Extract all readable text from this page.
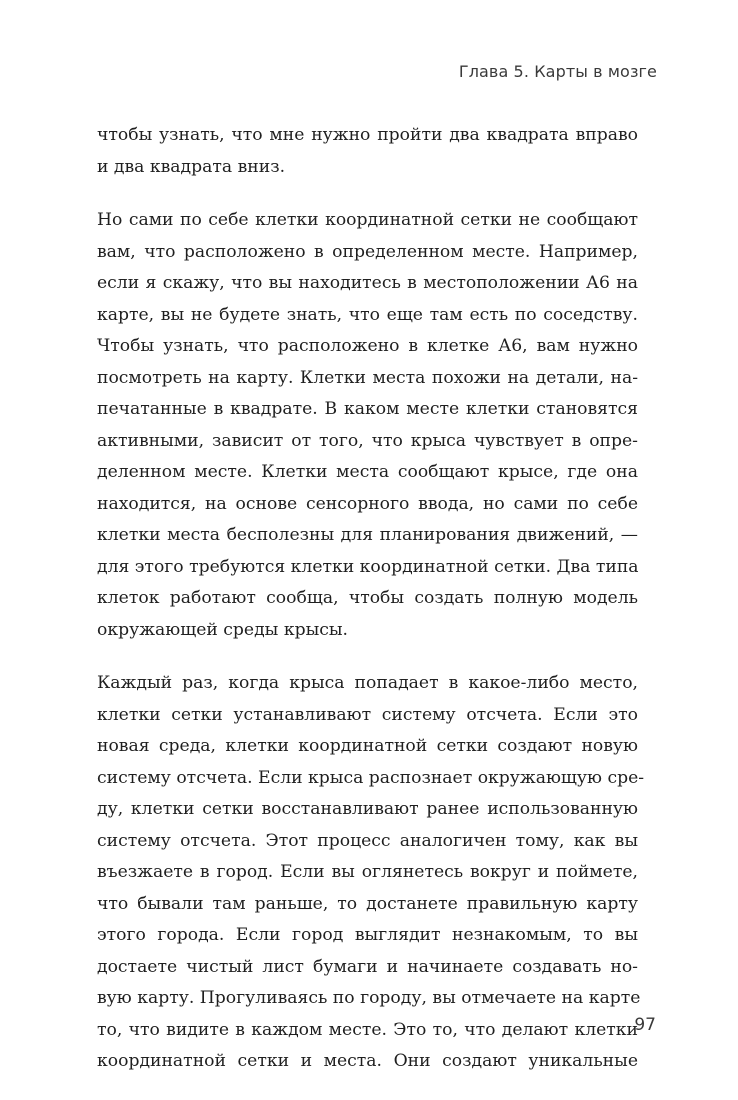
Глава 5. Карты в мозге

чтобы узнать, что мне нужно пройти два квадрата вправо
и два квадрата вниз.

Но сами по себе клетки координатной сетки не сообщают
вам, что расположено в определенном месте. Например,
если я скажу, что вы находитесь в местоположении А6 на
карте, вы не будете знать, что еще там есть по соседству.
Чтобы узнать, что расположено в клетке А6, вам нужно
посмотреть на карту. Клетки места похожи на детали, на-
печатанные в квадрате. В каком месте клетки становятся
активными, зависит от того, что крыса чувствует в опре-
деленном месте. Клетки места сообщают крысе, где она
находится, на основе сенсорного ввода, но сами по себе
клетки места бесполезны для планирования движений, —
для этого требуются клетки координатной сетки. Два типа
клеток работают сообща, чтобы создать полную модель
окружающей среды крысы.

Каждый раз, когда крыса попадает в какое-либо место,
клетки сетки устанавливают систему отсчета. Если это
новая среда, клетки координатной сетки создают новую
систему отсчета. Если крыса распознает окружающую сре-
ду, клетки сетки восстанавливают ранее использованную
систему отсчета. Этот процесс аналогичен тому, как вы
въезжаете в город. Если вы оглянетесь вокруг и поймете,
что бывали там раньше, то достанете правильную карту
этого города. Если город выглядит незнакомым, то вы
достаете чистый лист бумаги и начинаете создавать но-
вую карту. Прогуливаясь по городу, вы отмечаете на карте
то, что видите в каждом месте. Это то, что делают клетки
координатной сетки и места. Они создают уникальные

97
